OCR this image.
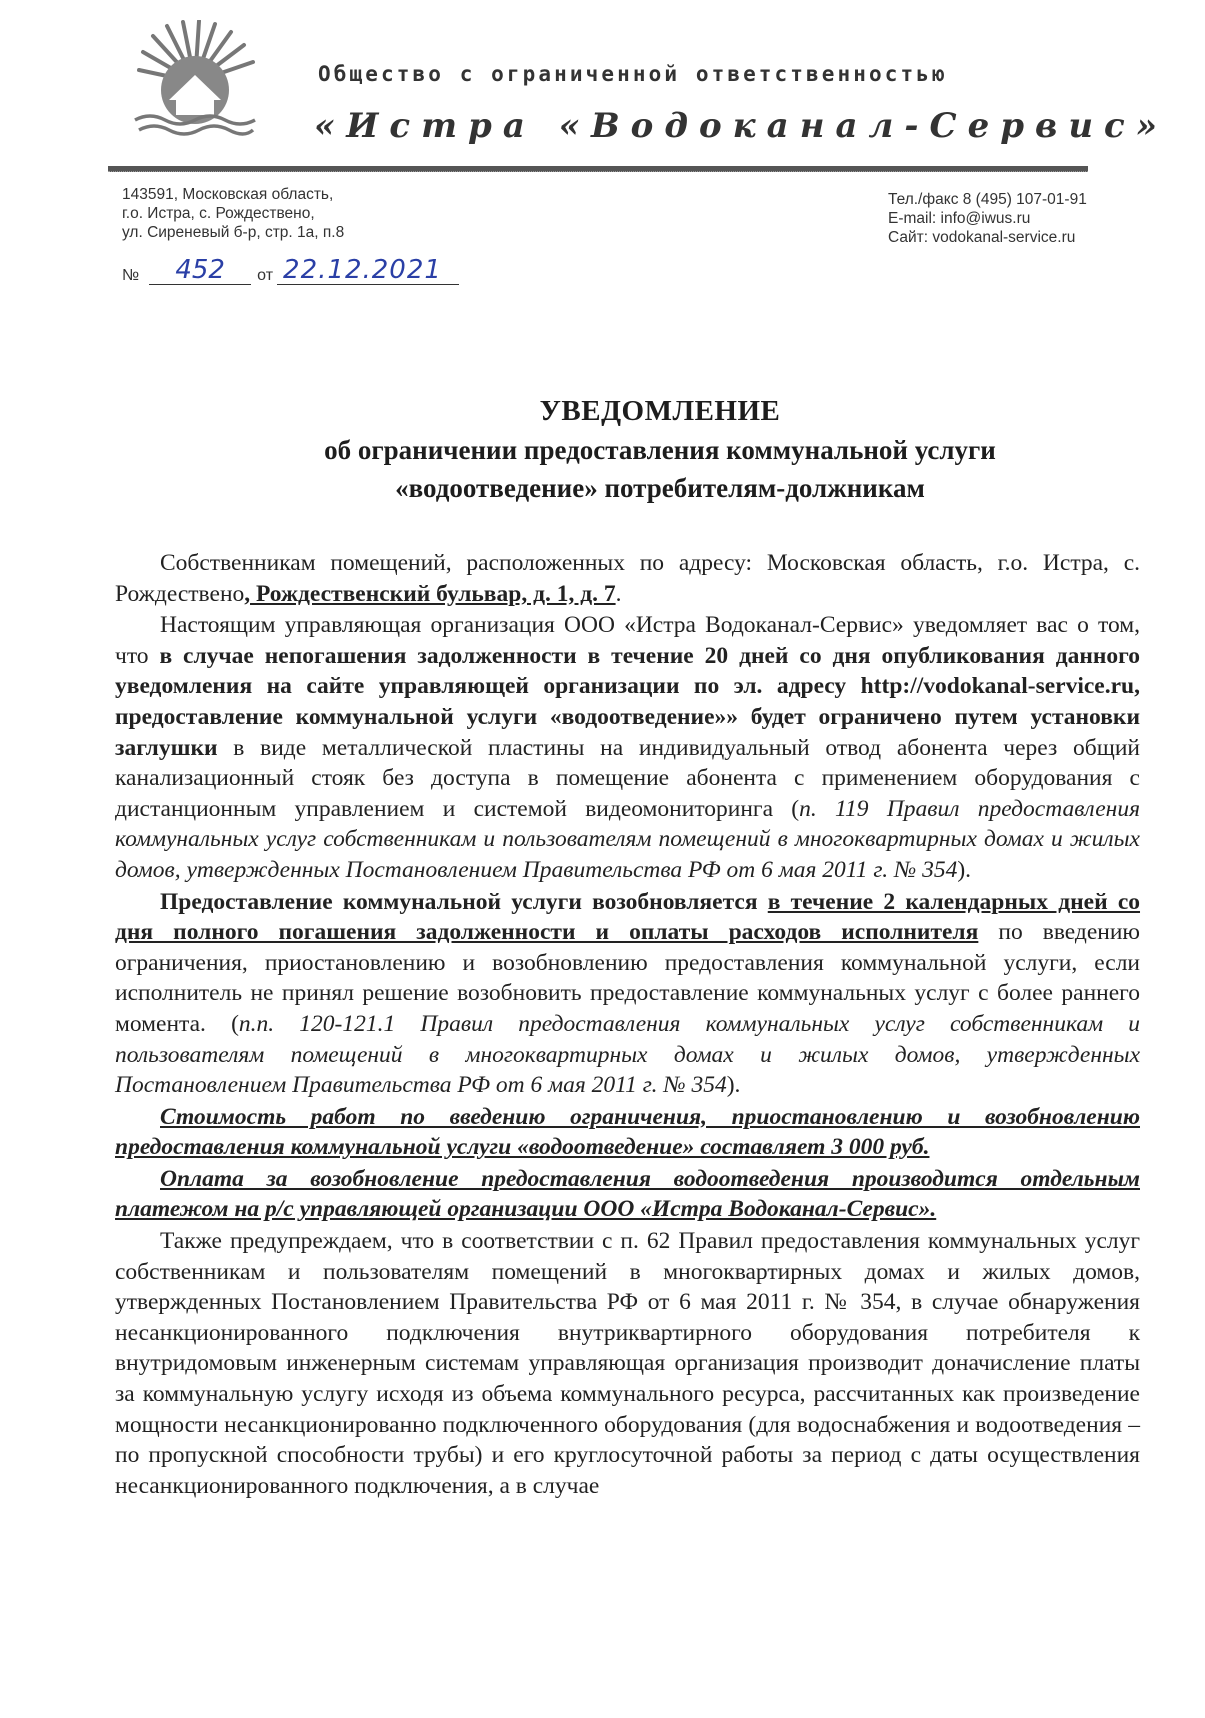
Общество с ограниченной ответственностью
«Истра «Водоканал-Сервис»
143591, Московская область,
г.о. Истра, с. Рождествено,
ул. Сиреневый б-р, стр. 1а, п.8
Тел./факс 8 (495) 107-01-91
E-mail: info@iwus.ru
Сайт: vodokanal-service.ru
№	452	от 22.12.2021
УВЕДОМЛЕНИЕ
об ограничении предоставления коммунальной услуги
«водоотведение» потребителям-должникам

Собственникам помещений, расположенных по адресу: Московская область, г.о. Истра, с. Рождествено, Рождественский бульвар, д. 1, д. 7.

Настоящим управляющая организация ООО «Истра Водоканал-Сервис» уведомляет вас о том, что в случае непогашения задолженности в течение 20 дней со дня опубликования данного уведомления на сайте управляющей организации по эл. адресу http://vodokanal-service.ru, предоставление коммунальной услуги «водоотведение»» будет ограничено путем установки заглушки в виде металлической пластины на индивидуальный отвод абонента через общий канализационный стояк без доступа в помещение абонента с применением оборудования с дистанционным управлением и системой видеомониторинга (п. 119 Правил предоставления коммунальных услуг собственникам и пользователям помещений в многоквартирных домах и жилых домов, утвержденных Постановлением Правительства РФ от 6 мая 2011 г. № 354).

Предоставление коммунальной услуги возобновляется в течение 2 календарных дней со дня полного погашения задолженности и оплаты расходов исполнителя по введению ограничения, приостановлению и возобновлению предоставления коммунальной услуги, если исполнитель не принял решение возобновить предоставление коммунальных услуг с более раннего момента. (п.п. 120-121.1 Правил предоставления коммунальных услуг собственникам и пользователям помещений в многоквартирных домах и жилых домов, утвержденных Постановлением Правительства РФ от 6 мая 2011 г. № 354).

Стоимость работ по введению ограничения, приостановлению и возобновлению предоставления коммунальной услуги «водоотведение» составляет 3 000 руб.

Оплата за возобновление предоставления водоотведения производится отдельным платежом на р/с управляющей организации ООО «Истра Водоканал-Сервис».

Также предупреждаем, что в соответствии с п. 62 Правил предоставления коммунальных услуг собственникам и пользователям помещений в многоквартирных домах и жилых домов, утвержденных Постановлением Правительства РФ от 6 мая 2011 г. № 354, в случае обнаружения несанкционированного подключения внутриквартирного оборудования потребителя к внутридомовым инженерным системам управляющая организация производит доначисление платы за коммунальную услугу исходя из объема коммунального ресурса, рассчитанных как произведение мощности несанкционированно подключенного оборудования (для водоснабжения и водоотведения – по пропускной способности трубы) и его круглосуточной работы за период с даты осуществления несанкционированного подключения, а в случае
